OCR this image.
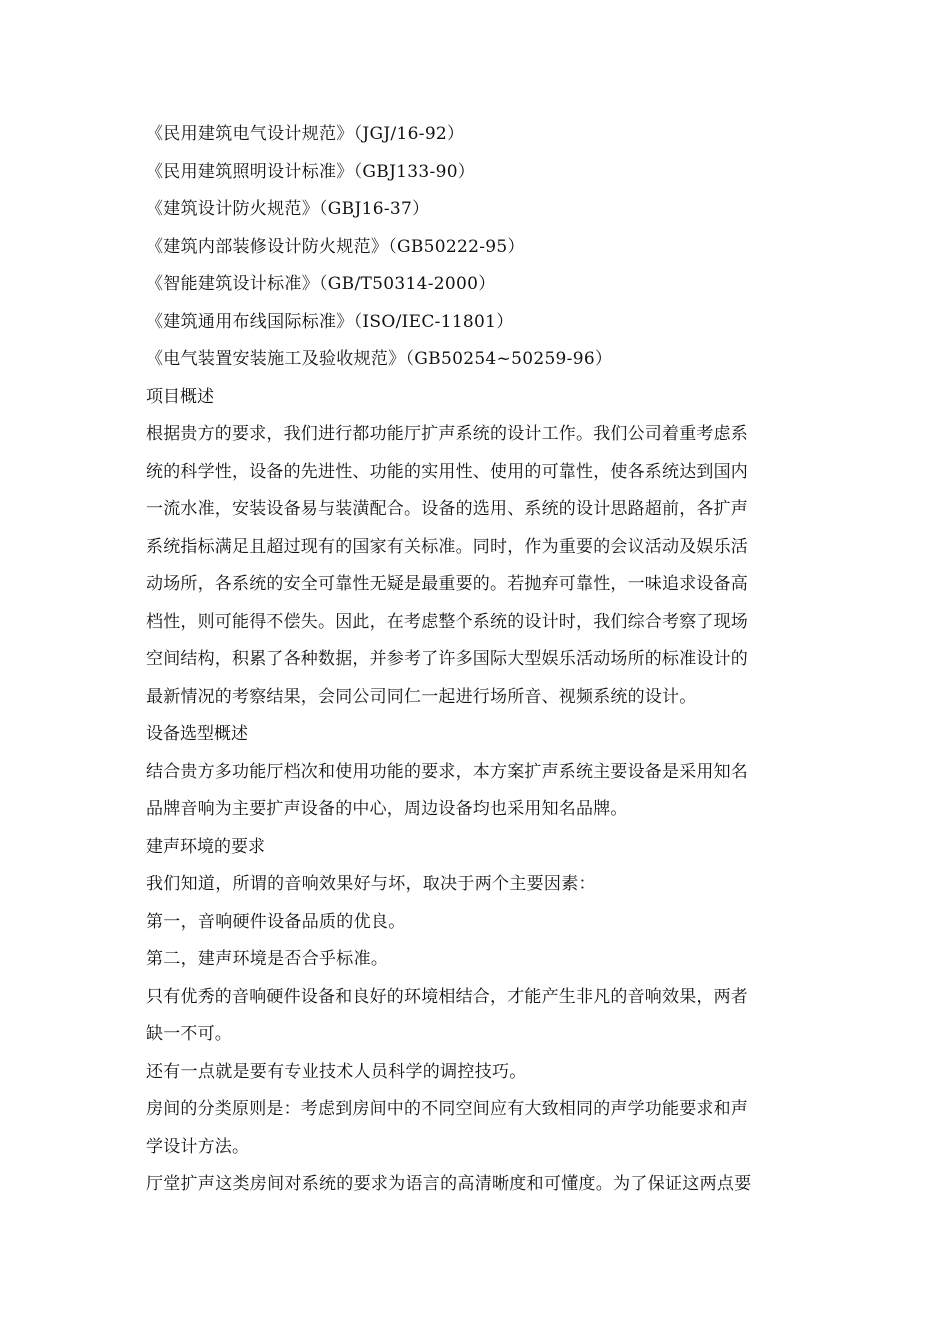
《民用建筑电气设计规范》（JGJ/16-92）
《民用建筑照明设计标准》（GBJ133-90）
《建筑设计防火规范》（GBJ16-37）
《建筑内部装修设计防火规范》（GB50222-95）
《智能建筑设计标准》（GB/T50314-2000）
《建筑通用布线国际标准》（ISO/IEC-11801）
《电气装置安装施工及验收规范》（GB50254~50259-96）
项目概述
根据贵方的要求，我们进行都功能厅扩声系统的设计工作。我们公司着重考虑系
统的科学性，设备的先进性、功能的实用性、使用的可靠性，使各系统达到国内
一流水准，安装设备易与装潢配合。设备的选用、系统的设计思路超前，各扩声
系统指标满足且超过现有的国家有关标准。同时，作为重要的会议活动及娱乐活
动场所，各系统的安全可靠性无疑是最重要的。若抛弃可靠性，一味追求设备高
档性，则可能得不偿失。因此，在考虑整个系统的设计时，我们综合考察了现场
空间结构，积累了各种数据，并参考了许多国际大型娱乐活动场所的标准设计的
最新情况的考察结果，会同公司同仁一起进行场所音、视频系统的设计。
设备选型概述
结合贵方多功能厅档次和使用功能的要求，本方案扩声系统主要设备是采用知名
品牌音响为主要扩声设备的中心，周边设备均也采用知名品牌。
建声环境的要求
我们知道，所谓的音响效果好与坏，取决于两个主要因素：
第一，音响硬件设备品质的优良。
第二，建声环境是否合乎标准。
只有优秀的音响硬件设备和良好的环境相结合，才能产生非凡的音响效果，两者
缺一不可。
还有一点就是要有专业技术人员科学的调控技巧。
房间的分类原则是：考虑到房间中的不同空间应有大致相同的声学功能要求和声
学设计方法。
厅堂扩声这类房间对系统的要求为语言的高清晰度和可懂度。为了保证这两点要
